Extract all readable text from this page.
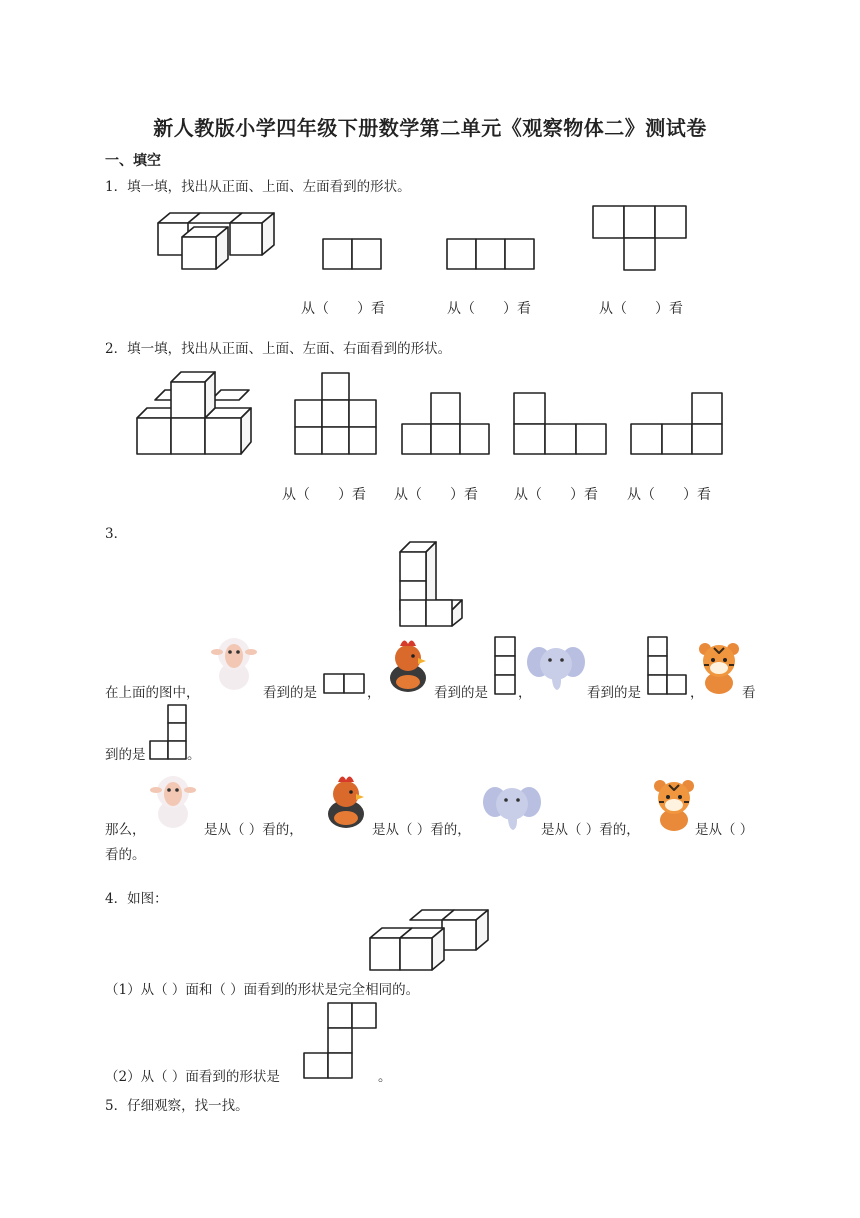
新人教版小学四年级下册数学第二单元《观察物体二》测试卷
一、填空
1．填一填，找出从正面、上面、左面看到的形状。
从（　　）看	从（　　）看	从（　　）看
2．填一填，找出从正面、上面、左面、右面看到的形状。
从（　　）看 从（　　）看	从（　　）看 从（　　）看
3．
在上面的图中，	看到的是	，	看到的是 ，	看到的是	，	看
到的是	。
那么，	是从（ ）看的，	是从（ ）看的，	是从（ ）看的，	是从（ ）
看的。
4．如图：
（1）从（ ）面和（ ）面看到的形状是完全相同的。
（2）从（ ）面看到的形状是	。
5．仔细观察，找一找。
